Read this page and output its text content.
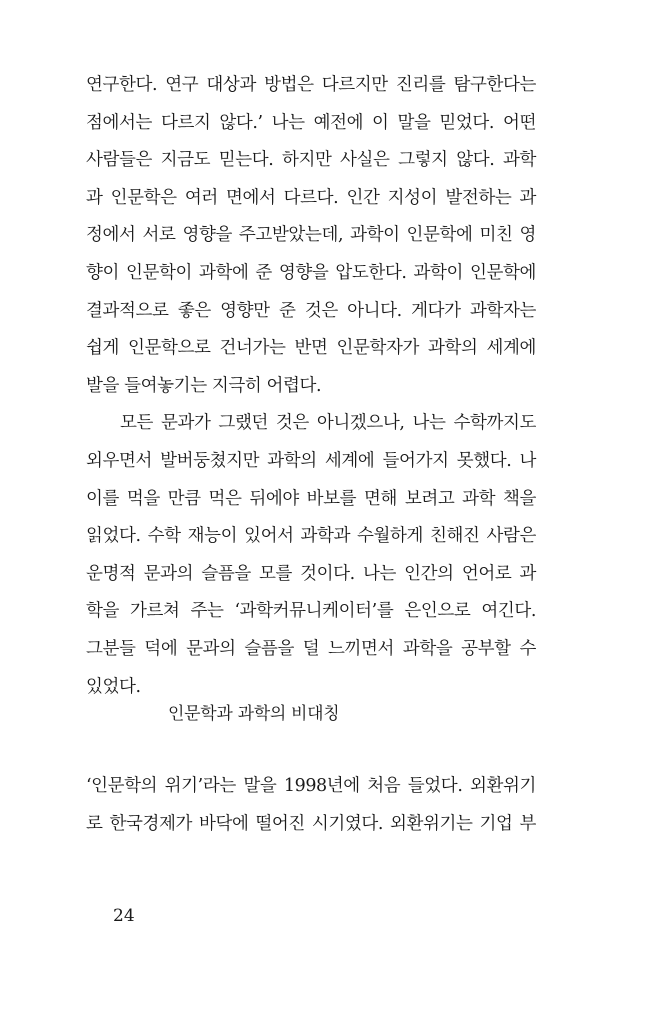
연구한다. 연구 대상과 방법은 다르지만 진리를 탐구한다는
점에서는 다르지 않다.’ 나는 예전에 이 말을 믿었다. 어떤
사람들은 지금도 믿는다. 하지만 사실은 그렇지 않다. 과학
과 인문학은 여러 면에서 다르다. 인간 지성이 발전하는 과
정에서 서로 영향을 주고받았는데, 과학이 인문학에 미친 영
향이 인문학이 과학에 준 영향을 압도한다. 과학이 인문학에
결과적으로 좋은 영향만 준 것은 아니다. 게다가 과학자는
쉽게 인문학으로 건너가는 반면 인문학자가 과학의 세계에
발을 들여놓기는 지극히 어렵다.
모든 문과가 그랬던 것은 아니겠으나, 나는 수학까지도
외우면서 발버둥쳤지만 과학의 세계에 들어가지 못했다. 나
이를 먹을 만큼 먹은 뒤에야 바보를 면해 보려고 과학 책을
읽었다. 수학 재능이 있어서 과학과 수월하게 친해진 사람은
운명적 문과의 슬픔을 모를 것이다. 나는 인간의 언어로 과
학을 가르쳐 주는 ‘과학커뮤니케이터’를 은인으로 여긴다.
그분들 덕에 문과의 슬픔을 덜 느끼면서 과학을 공부할 수
있었다.
인문학과 과학의 비대칭
‘인문학의 위기’라는 말을 1998년에 처음 들었다. 외환위기
로 한국경제가 바닥에 떨어진 시기였다. 외환위기는 기업 부
24
